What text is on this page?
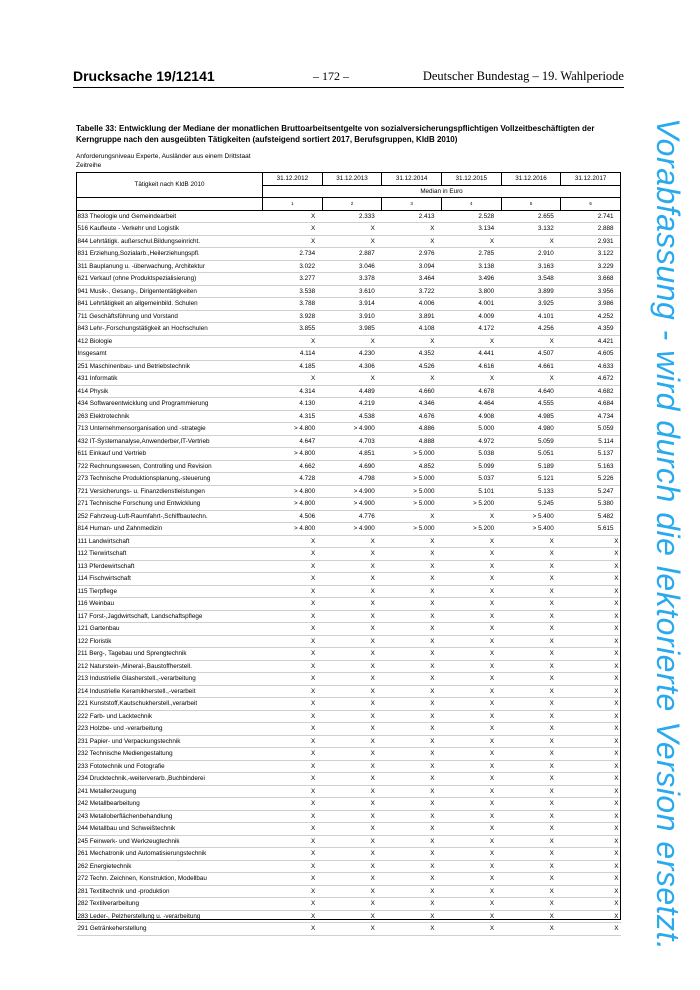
Drucksache 19/12141	– 172 –	Deutscher Bundestag – 19. Wahlperiode
Tabelle 33: Entwicklung der Mediane der monatlichen Bruttoarbeitsentgelte von sozialversicherungspflichtigen Vollzeitbeschäftigten der Kerngruppe nach den ausgeübten Tätigkeiten (aufsteigend sortiert 2017, Berufsgruppen, KldB 2010)
Anforderungsniveau Experte, Ausländer aus einem Drittstaat
Zeitreihe
Tätigkeit nach KldB 2010	31.12.2012	31.12.2013	31.12.2014	31.12.2015	31.12.2016	31.12.2017
	Median in Euro					
	1	2	3	4	5	6
833 Theologie und Gemeindearbeit	X	2.333	2.413	2.528	2.655	2.741
516 Kaufleute - Verkehr und Logistik	X	X	X	3.134	3.132	2.888
844 Lehrtätigk. außerschul.Bildungseinricht.	X	X	X	X	X	2.931
831 Erziehung,Sozialarb.,Heilerziehungspfl.	2.734	2.887	2.976	2.785	2.910	3.122
311 Bauplanung u. -überwachung, Architektur	3.022	3.046	3.094	3.138	3.163	3.229
621 Verkauf (ohne Produktspezialisierung)	3.277	3.378	3.464	3.496	3.548	3.668
941 Musik-, Gesang-, Dirigententätigkeiten	3.538	3.610	3.722	3.800	3.899	3.956
841 Lehrtätigkeit an allgemeinbild. Schulen	3.788	3.914	4.006	4.001	3.925	3.986
711 Geschäftsführung und Vorstand	3.928	3.910	3.891	4.009	4.101	4.252
843 Lehr-,Forschungstätigkeit an Hochschulen	3.855	3.985	4.108	4.172	4.256	4.359
412 Biologie	X	X	X	X	X	4.421
Insgesamt	4.114	4.230	4.352	4.441	4.507	4.605
251 Maschinenbau- und Betriebstechnik	4.185	4.306	4.526	4.616	4.661	4.633
431 Informatik	X	X	X	X	X	4.672
414 Physik	4.314	4.489	4.660	4.678	4.640	4.682
434 Softwareentwicklung und Programmierung	4.130	4.219	4.346	4.464	4.555	4.684
263 Elektrotechnik	4.315	4.538	4.676	4.908	4.985	4.734
713 Unternehmensorganisation und -strategie	> 4.800	> 4.900	4.886	5.000	4.980	5.059
432 IT-Systemanalyse,Anwenderber,IT-Vertrieb	4.647	4.703	4.888	4.972	5.059	5.114
611 Einkauf und Vertrieb	> 4.800	4.851	> 5.000	5.038	5.051	5.137
722 Rechnungswesen, Controlling und Revision	4.662	4.690	4.852	5.099	5.189	5.163
273 Technische Produktionsplanung,-steuerung	4.728	4.798	> 5.000	5.037	5.121	5.226
721 Versicherungs- u. Finanzdienstleistungen	> 4.800	> 4.900	> 5.000	5.101	5.133	5.247
271 Technische Forschung und Entwicklung	> 4.800	> 4.900	> 5.000	> 5.200	5.245	5.380
252 Fahrzeug-Luft-Raumfahrt-,Schiffbautechn.	4.506	4.776	X	X	> 5.400	5.482
814 Human- und Zahnmedizin	> 4.800	> 4.900	> 5.000	> 5.200	> 5.400	5.615
111 Landwirtschaft	X	X	X	X	X	X
112 Tierwirtschaft	X	X	X	X	X	X
113 Pferdewirtschaft	X	X	X	X	X	X
114 Fischwirtschaft	X	X	X	X	X	X
115 Tierpflege	X	X	X	X	X	X
116 Weinbau	X	X	X	X	X	X
117 Forst-,Jagdwirtschaft, Landschaftspflege	X	X	X	X	X	X
121 Gartenbau	X	X	X	X	X	X
122 Floristik	X	X	X	X	X	X
211 Berg-, Tagebau und Sprengtechnik	X	X	X	X	X	X
212 Naturstein-,Mineral-,Baustoffherstell.	X	X	X	X	X	X
213 Industrielle Glasherstell.,-verarbeitung	X	X	X	X	X	X
214 Industrielle Keramikherstell.,-verarbeit	X	X	X	X	X	X
221 Kunststoff,Kautschukherstell.,verarbeit	X	X	X	X	X	X
222 Farb- und Lacktechnik	X	X	X	X	X	X
223 Holzbe- und -verarbeitung	X	X	X	X	X	X
231 Papier- und Verpackungstechnik	X	X	X	X	X	X
232 Technische Mediengestaltung	X	X	X	X	X	X
233 Fototechnik und Fotografie	X	X	X	X	X	X
234 Drucktechnik,-weiterverarb.,Buchbinderei	X	X	X	X	X	X
241 Metallerzeugung	X	X	X	X	X	X
242 Metallbearbeitung	X	X	X	X	X	X
243 Metalloberflächenbehandlung	X	X	X	X	X	X
244 Metallbau und Schweißtechnik	X	X	X	X	X	X
245 Feinwerk- und Werkzeugtechnik	X	X	X	X	X	X
261 Mechatronik und Automatisierungstechnik	X	X	X	X	X	X
262 Energietechnik	X	X	X	X	X	X
272 Techn. Zeichnen, Konstruktion, Modellbau	X	X	X	X	X	X
281 Textiltechnik und -produktion	X	X	X	X	X	X
282 Textilverarbeitung	X	X	X	X	X	X
283 Leder-, Pelzherstellung u. -verarbeitung	X	X	X	X	X	X
291 Getränkeherstellung	X	X	X	X	X	X Vorabfassung - wird durch die lektorierte Version ersetzt.
